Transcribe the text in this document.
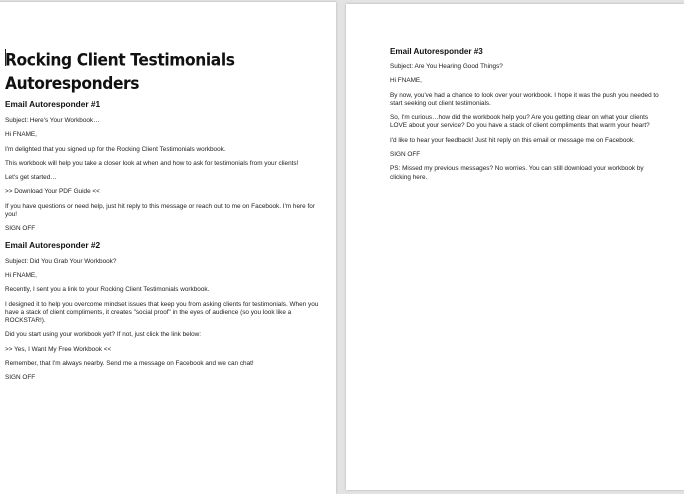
Rocking Client Testimonials
Autoresponders
Email Autoresponder #1
Subject: Here's Your Workbook…
Hi FNAME,
I'm delighted that you signed up for the Rocking Client Testimonials workbook.
This workbook will help you take a closer look at when and how to ask for testimonials from your clients!
Let's get started…
>> Download Your PDF Guide <<
If you have questions or need help, just hit reply to this message or reach out to me on Facebook. I'm here for you!
SIGN OFF
Email Autoresponder #2
Subject: Did You Grab Your Workbook?
Hi FNAME,
Recently, I sent you a link to your Rocking Client Testimonials workbook.
I designed it to help you overcome mindset issues that keep you from asking clients for testimonials. When you have a stack of client compliments, it creates "social proof" in the eyes of audience (so you look like a ROCKSTAR!).
Did you start using your workbook yet? If not, just click the link below:
>> Yes, I Want My Free Workbook <<
Remember, that I'm always nearby. Send me a message on Facebook and we can chat!
SIGN OFF
Email Autoresponder #3
Subject: Are You Hearing Good Things?
Hi FNAME,
By now, you've had a chance to look over your workbook. I hope it was the push you needed to start seeking out client testimonials.
So, I'm curious…how did the workbook help you? Are you getting clear on what your clients LOVE about your service? Do you have a stack of client compliments that warm your heart?
I'd like to hear your feedback! Just hit reply on this email or message me on Facebook.
SIGN OFF
PS: Missed my previous messages? No worries. You can still download your workbook by clicking here.
